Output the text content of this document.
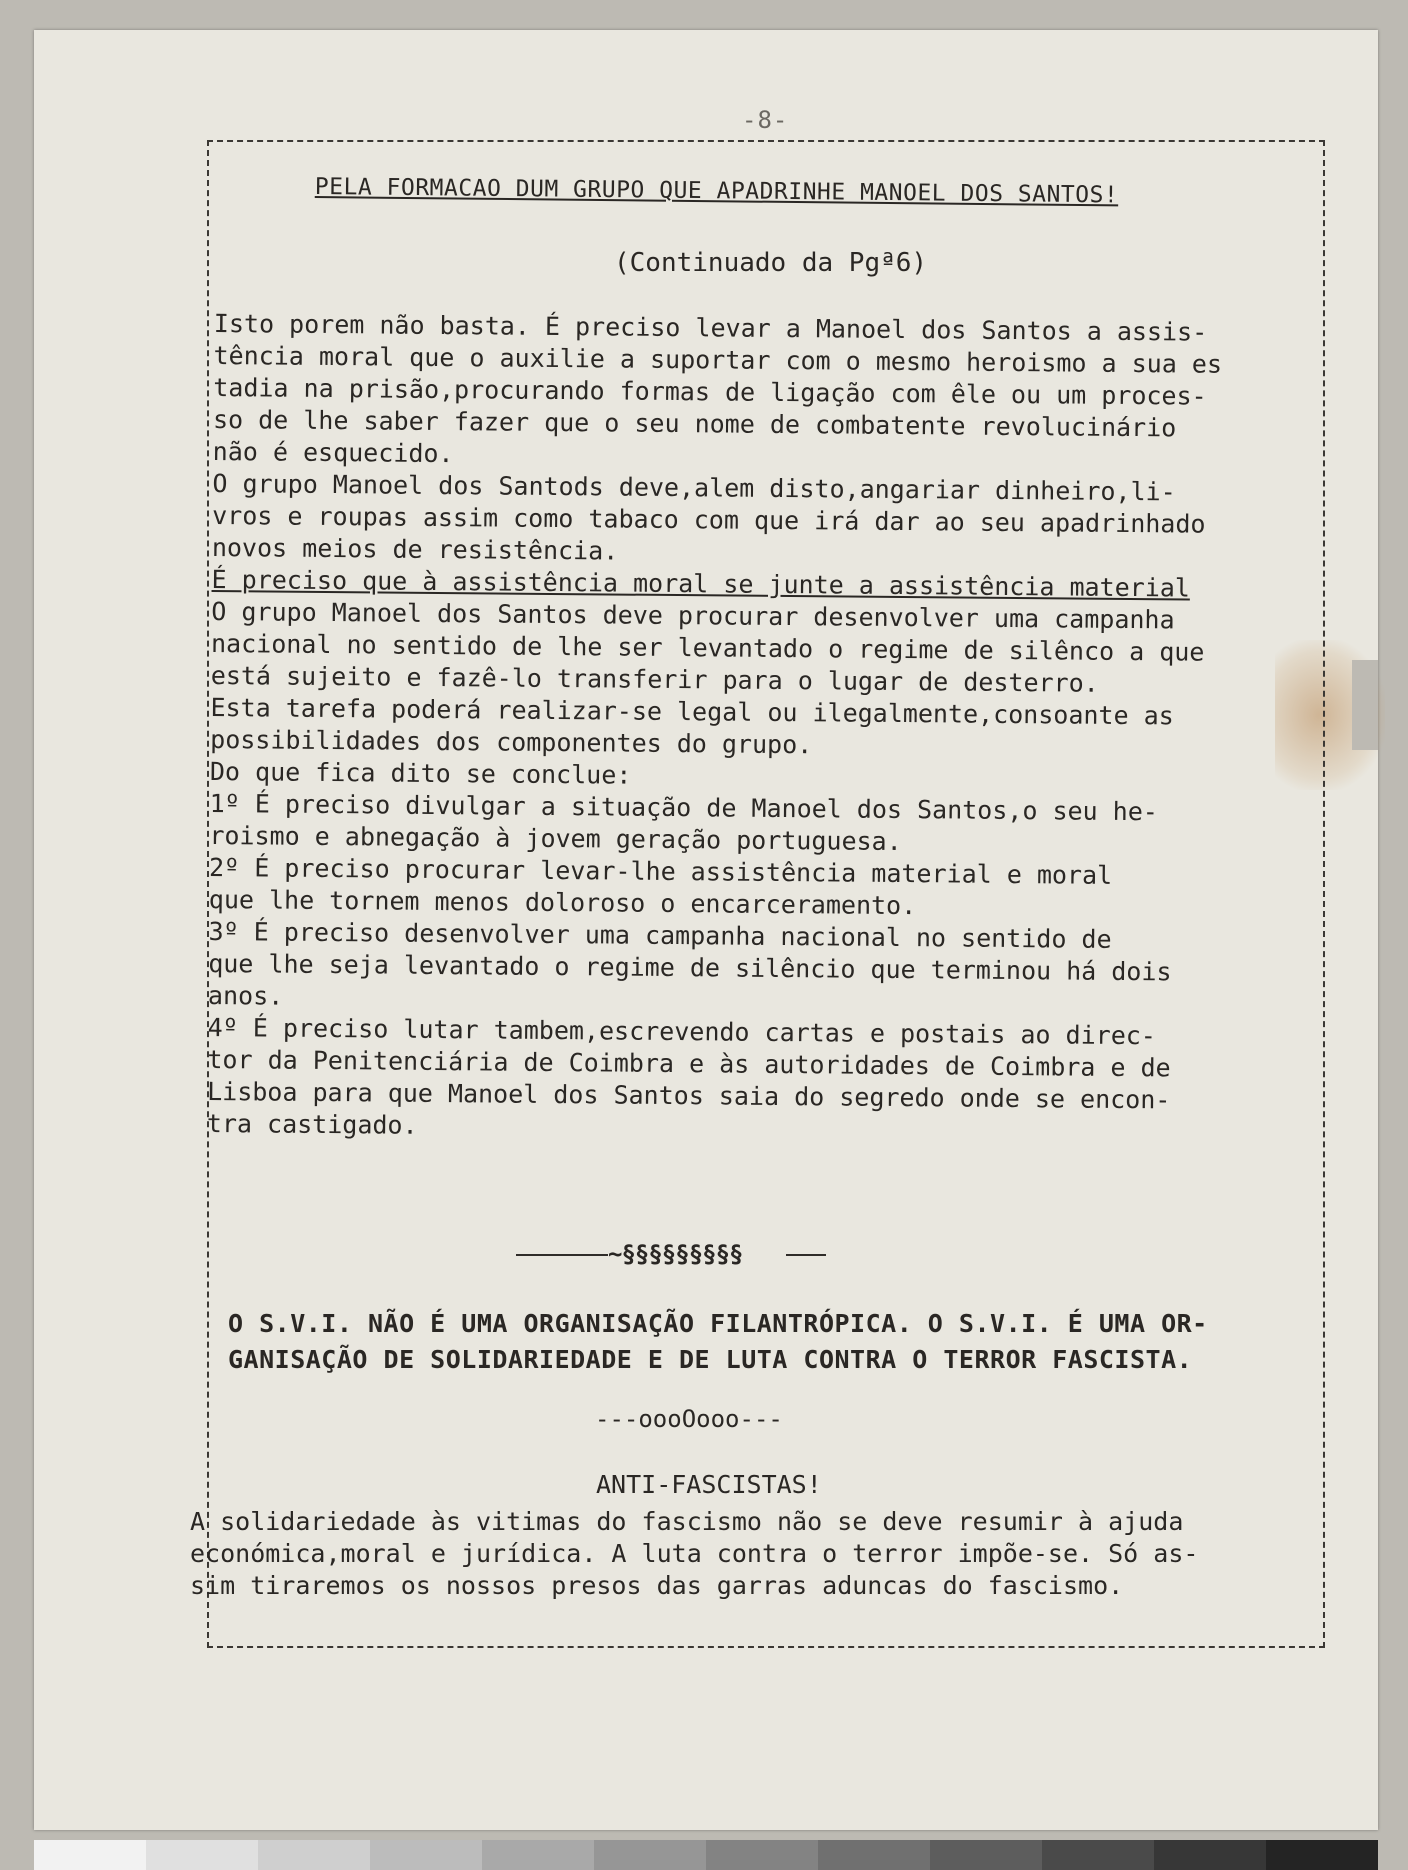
-8-
PELA FORMACAO DUM GRUPO QUE APADRINHE MANOEL DOS SANTOS!
(Continuado da Pgª6)
Isto porem não basta. É preciso levar a Manoel dos Santos a assis-
tência moral que o auxilie a suportar com o mesmo heroismo a sua es
tadia na prisão,procurando formas de ligação com êle ou um proces-
so de lhe saber fazer que o seu nome de combatente revolucinário
não é esquecido.
O grupo Manoel dos Santods deve,alem disto,angariar dinheiro,li-
vros e roupas assim como tabaco com que irá dar ao seu apadrinhado
novos meios de resistência.
É preciso que à assistência moral se junte a assistência material
O grupo Manoel dos Santos deve procurar desenvolver uma campanha
nacional no sentido de lhe ser levantado o regime de silênco a que
está sujeito e fazê-lo transferir para o lugar de desterro.
Esta tarefa poderá realizar-se legal ou ilegalmente,consoante as
possibilidades dos componentes do grupo.
Do que fica dito se conclue:
1º É preciso divulgar a situação de Manoel dos Santos,o seu he-
roismo e abnegação à jovem geração portuguesa.
2º É preciso procurar levar-lhe assistência material e moral
que lhe tornem menos doloroso o encarceramento.
3º É preciso desenvolver uma campanha nacional no sentido de
que lhe seja levantado o regime de silêncio que terminou há dois
anos.
4º É preciso lutar tambem,escrevendo cartas e postais ao direc-
tor da Penitenciária de Coimbra e às autoridades de Coimbra e de
Lisboa para que Manoel dos Santos saia do segredo onde se encon-
tra castigado.
~§§§§§§§§§
O S.V.I. NÃO É UMA ORGANISAÇÃO FILANTRÓPICA. O S.V.I. É UMA OR-
GANISAÇÃO DE SOLIDARIEDADE E DE LUTA CONTRA O TERROR FASCISTA.
---oooOooo---
ANTI-FASCISTAS!
A solidariedade às vitimas do fascismo não se deve resumir à ajuda
económica,moral e jurídica. A luta contra o terror impõe-se. Só as-
sim tiraremos os nossos presos das garras aduncas do fascismo.
